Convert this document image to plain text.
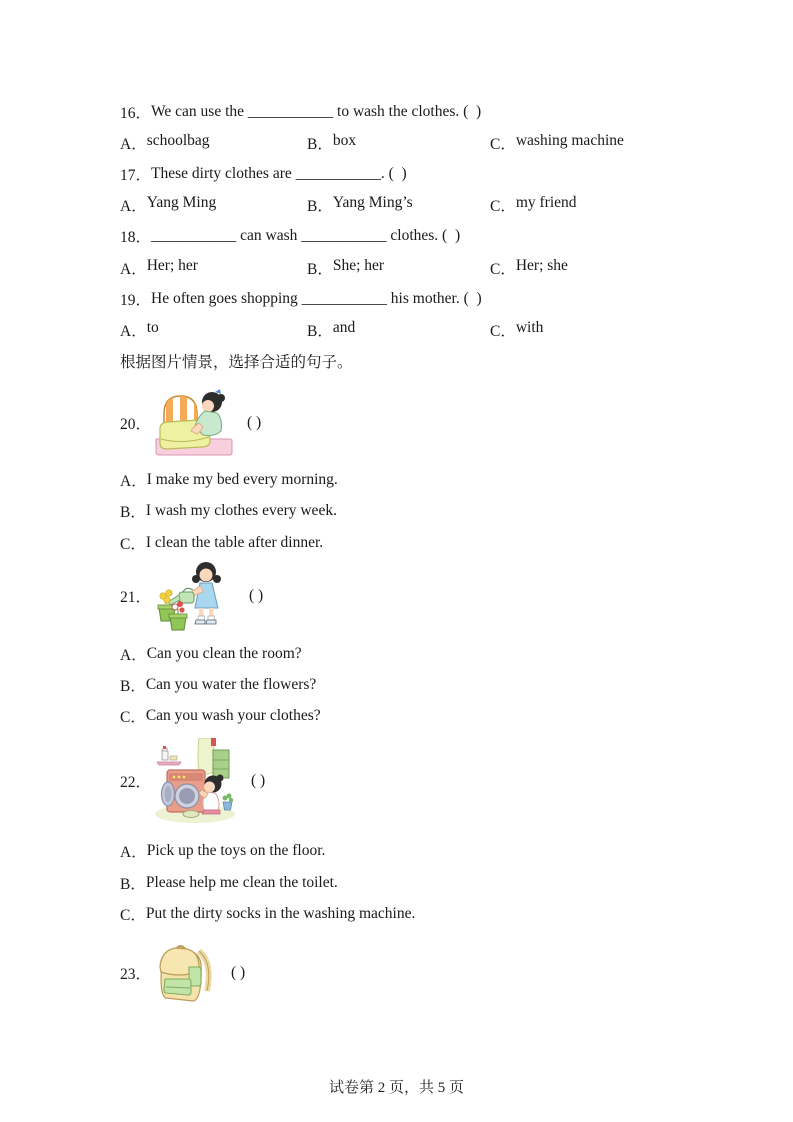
16． We can use the ___________ to wash the clothes. (  )
A． schoolbag	B． box	C． washing machine
17． These dirty clothes are ___________. (  )
A． Yang Ming	B． Yang Ming’s	C． my friend
18． ___________ can wash ___________ clothes. (  )
A． Her; her	B． She; her	C． Her; she
19． He often goes shopping ___________ his mother. (  )
A． to	B． and	C． with
根据图片情景，选择合适的句子。
20．	( )
A． I make my bed every morning.
B． I wash my clothes every week.
C． I clean the table after dinner.
21．	( )
A． Can you clean the room?
B． Can you water the flowers?
C． Can you wash your clothes?
22．	( )
A． Pick up the toys on the floor.
B． Please help me clean the toilet.
C． Put the dirty socks in the washing machine.
23．	( )
试卷第 2 页，共 5 页
